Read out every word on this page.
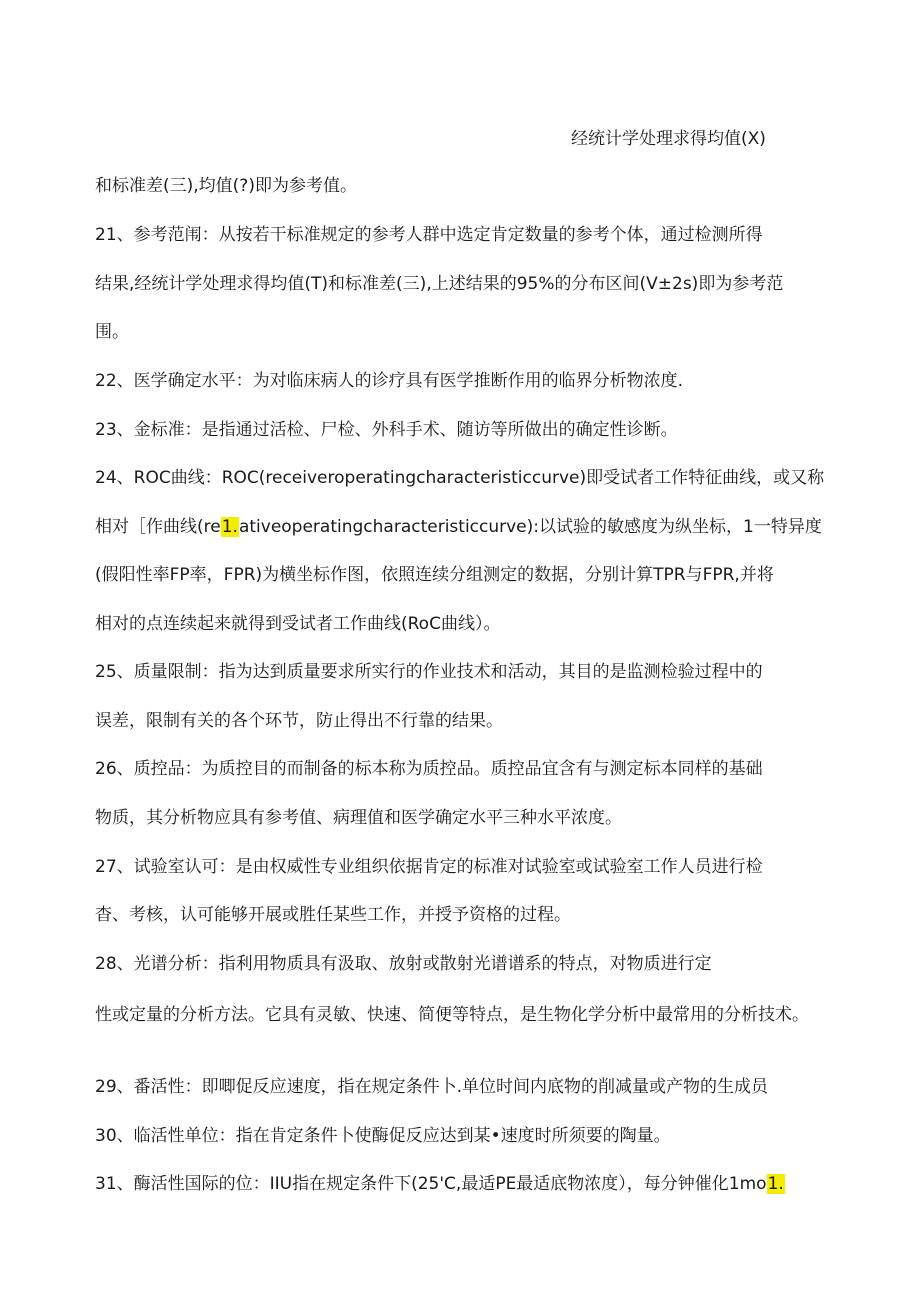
经统计学处理求得均值(X)
和标准差(三),均值(?)即为参考值。
21、参考范闱：从按若干标准规定的参考人群中选定肯定数量的参考个体，通过检测所得
结果,经统计学处理求得均值(T)和标准差(三),上述结果的95%的分布区间(V±2s)即为参考范
围。
22、医学确定水平：为对临床病人的诊疗具有医学推断作用的临界分析物浓度.
23、金标准：是指通过活检、尸检、外科手术、随访等所做出的确定性诊断。
24、ROC曲线：ROC(receiveroperatingcharacteristiccurve)即受试者工作特征曲线，或又称
相对［作曲线(re1.ativeoperatingcharacteristiccurve):以试验的敏感度为纵坐标，1一特异度
(假阳性率FP率，FPR)为横坐标作图，依照连续分组测定的数据，分别计算TPR与FPR,并将
相对的点连续起来就得到受试者工作曲线(RoC曲线）。
25、质量限制：指为达到质量要求所实行的作业技术和活动，其目的是监测检验过程中的
误差，限制有关的各个环节，防止得出不行靠的结果。
26、质控品：为质控目的而制备的标本称为质控品。质控品宜含有与测定标本同样的基础
物质，其分析物应具有参考值、病理值和医学确定水平三种水平浓度。
27、试验室认可：是由权威性专业组织依据肯定的标准对试验室或试验室工作人员进行检
杳、考核，认可能够开展或胜任某些工作，并授予资格的过程。
28、光谱分析：指利用物质具有汲取、放射或散射光谱谱系的特点，对物质进行定
性或定量的分析方法。它具有灵敏、快速、简便等特点，是生物化学分析中最常用的分析技术。
29、番活性：即唧促反应速度，指在规定条件卜.单位时间内底物的削减量或产物的生成员
30、临活性单位：指在肯定条件卜使酶促反应达到某•速度时所须要的陶量。
31、酶活性国际的位：IIU指在规定条件下(25'C,最适PE最适底物浓度），每分钟催化1mo1.
